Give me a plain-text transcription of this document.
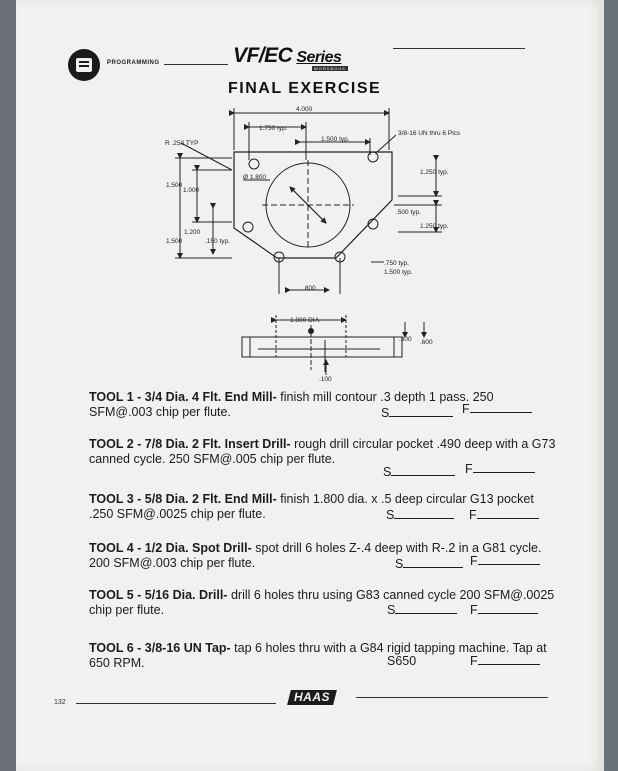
PROGRAMMING	VF/EC Series
WORKBOOK
FINAL EXERCISE
4.000
1.750 typ.
1.500 typ.
3/8-16 UN thru 6 Plcs
R .250 TYP
Ø 1.800
1.250 typ.
1.500
1.000
.500 typ.
1.250 typ.
1.200
1.500	.150 typ.
.750 typ.
1.500 typ.
.800
1.800 DIA.
.300 .600
.100
TOOL 1 - 3/4 Dia. 4 Flt. End Mill- finish mill contour .3 depth 1 pass. 250 SFM@.003 chip per flute.	S	F
TOOL 2 - 7/8 Dia. 2 Flt. Insert Drill- rough drill circular pocket .490 deep with a G73 canned cycle. 250 SFM@.005 chip per flute.
S	F
TOOL 3 - 5/8 Dia. 2 Flt. End Mill- finish 1.800 dia. x .5 deep circular G13 pocket .250 SFM@.0025 chip per flute.	S	F
TOOL 4 - 1/2 Dia. Spot Drill- spot drill 6 holes Z-.4 deep with R-.2 in a G81 cycle. 200 SFM@.003 chip per flute.	S	F
TOOL 5 - 5/16 Dia. Drill- drill 6 holes thru using G83 canned cycle 200 SFM@.0025 chip per flute.	S	F
TOOL 6 - 3/8-16 UN Tap- tap 6 holes thru with a G84 rigid tapping machine. Tap at 650 RPM.	S650	F
132	HAAS
